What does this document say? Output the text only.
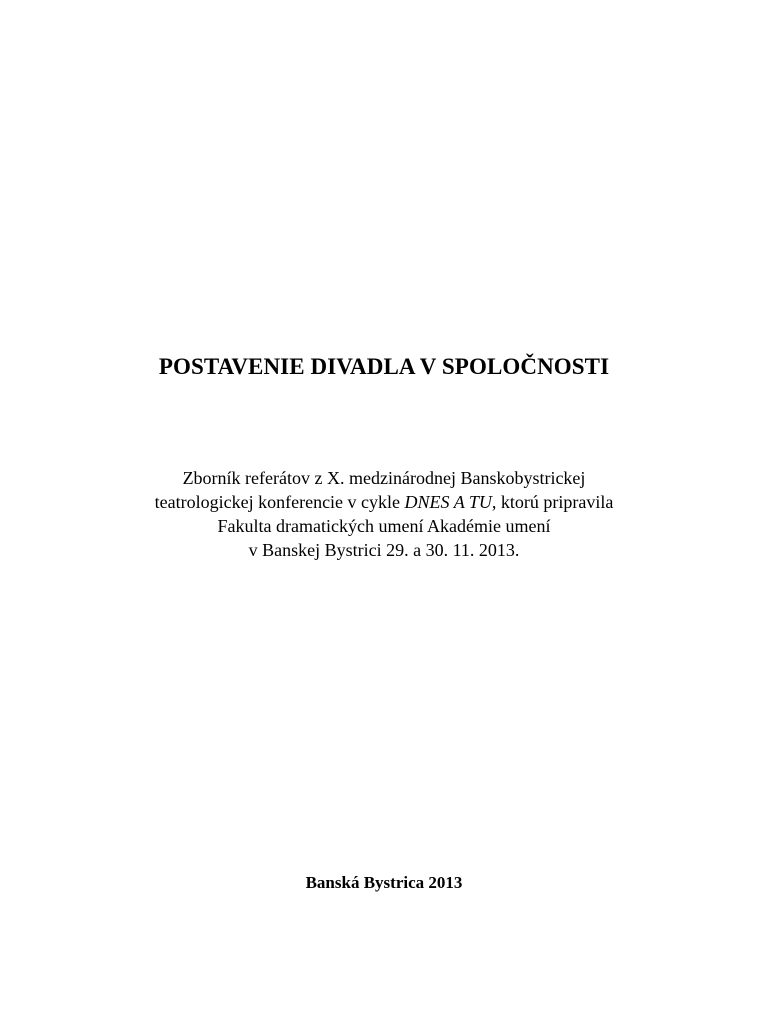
POSTAVENIE DIVADLA V SPOLOČNOSTI

Zborník referátov z X. medzinárodnej Banskobystrickej
teatrologickej konferencie v cykle DNES A TU, ktorú pripravila
Fakulta dramatických umení Akadémie umení
v Banskej Bystrici 29. a 30. 11. 2013.

Banská Bystrica 2013
